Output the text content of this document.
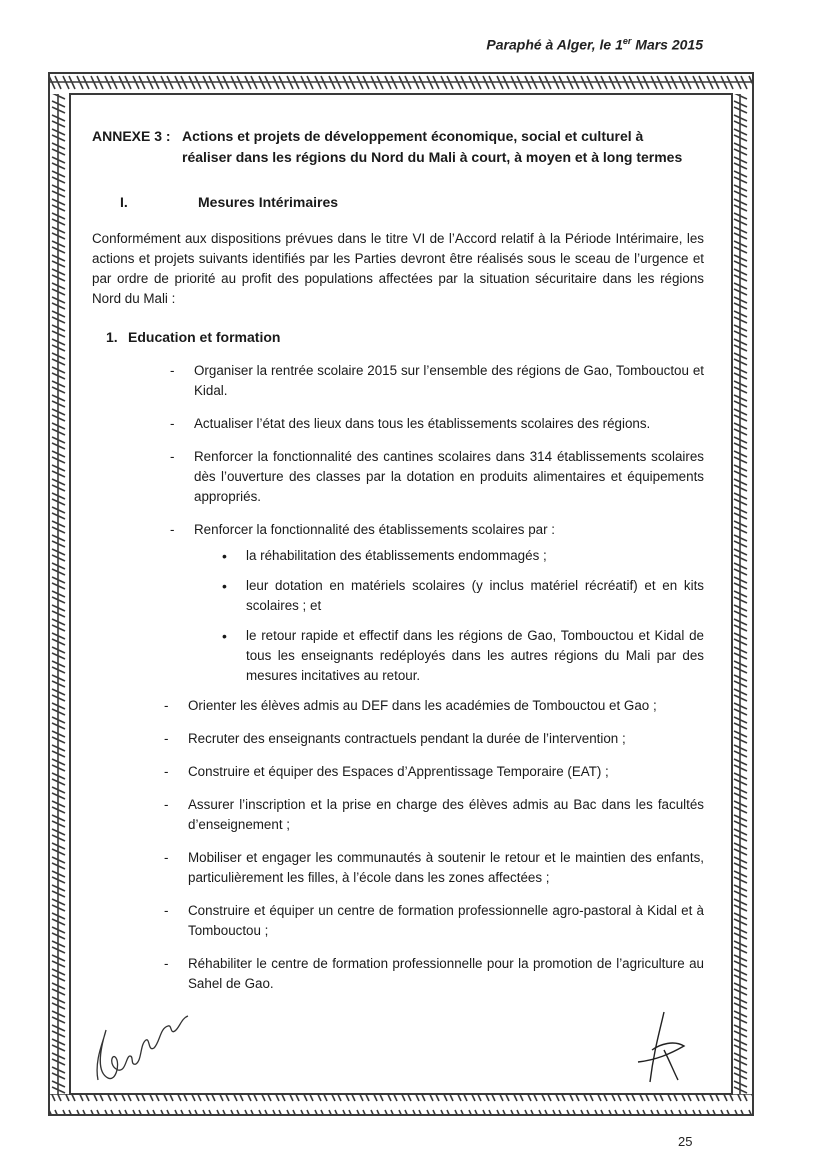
Paraphé à Alger, le 1er Mars 2015
ANNEXE 3 : Actions et projets de développement économique, social et culturel à
réaliser dans les régions du Nord du Mali à court, à moyen et à long termes
I.	Mesures Intérimaires

Conformément aux dispositions prévues dans le titre VI de l’Accord relatif à la Période Intérimaire, les actions et projets suivants identifiés par les Parties devront être réalisés sous le sceau de l’urgence et par ordre de priorité au profit des populations affectées par la situation sécuritaire dans les régions Nord du Mali :

1. Education et formation
- Organiser la rentrée scolaire 2015 sur l’ensemble des régions de Gao, Tombouctou et Kidal.
- Actualiser l’état des lieux dans tous les établissements scolaires des régions.
- Renforcer la fonctionnalité des cantines scolaires dans 314 établissements scolaires dès l’ouverture des classes par la dotation en produits alimentaires et équipements appropriés.
- Renforcer la fonctionnalité des établissements scolaires par :
• la réhabilitation des établissements endommagés ;
• leur dotation en matériels scolaires (y inclus matériel récréatif) et en kits scolaires ; et
• le retour rapide et effectif dans les régions de Gao, Tombouctou et Kidal de tous les enseignants redéployés dans les autres régions du Mali par des mesures incitatives au retour.
- Orienter les élèves admis au DEF dans les académies de Tombouctou et Gao ;
- Recruter des enseignants contractuels pendant la durée de l’intervention ;
- Construire et équiper des Espaces d’Apprentissage Temporaire (EAT) ;
- Assurer l’inscription et la prise en charge des élèves admis au Bac dans les facultés d’enseignement ;
- Mobiliser et engager les communautés à soutenir le retour et le maintien des enfants, particulièrement les filles, à l’école dans les zones affectées ;
- Construire et équiper un centre de formation professionnelle agro-pastoral à Kidal et à Tombouctou ;
- Réhabiliter le centre de formation professionnelle pour la promotion de l’agriculture au Sahel de Gao.
25
